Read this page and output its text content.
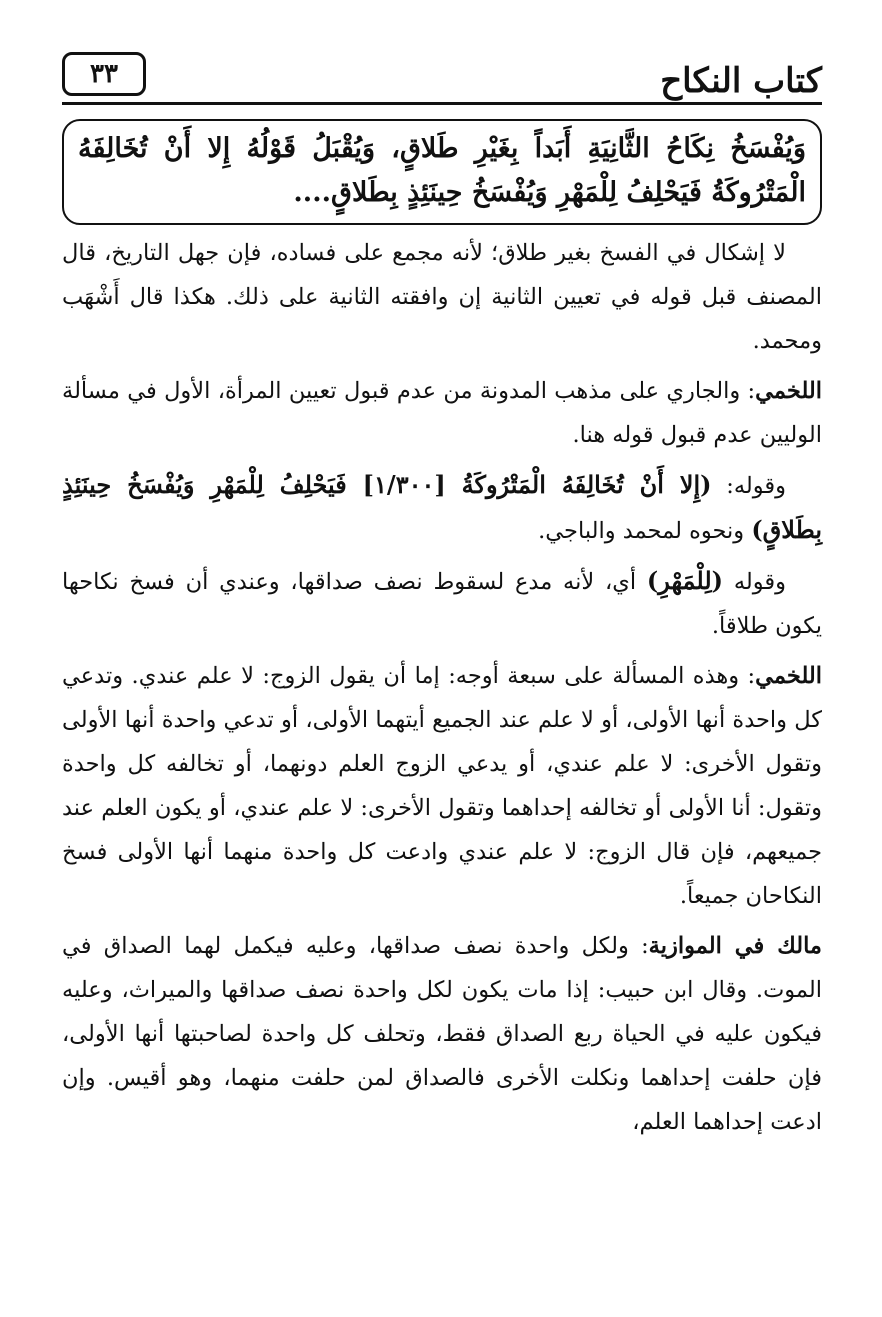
كتاب النكاح
٣٣
وَيُفْسَخُ نِكَاحُ الثَّانِيَةِ أَبَداً بِغَيْرِ طَلاقٍ، وَيُقْبَلُ قَوْلُهُ إِلا أَنْ تُخَالِفَهُ الْمَتْرُوكَةُ فَيَحْلِفُ لِلْمَهْرِ وَيُفْسَخُ حِينَئِذٍ بِطَلاقٍ....

لا إشكال في الفسخ بغير طلاق؛ لأنه مجمع على فساده، فإن جهل التاريخ، قال المصنف قبل قوله في تعيين الثانية إن وافقته الثانية على ذلك. هكذا قال أَشْهَب ومحمد.

اللخمي: والجاري على مذهب المدونة من عدم قبول تعيين المرأة، الأول في مسألة الوليين عدم قبول قوله هنا.

وقوله: (إِلا أَنْ تُخَالِفَهُ الْمَتْرُوكَةُ [١/٣٠٠] فَيَحْلِفُ لِلْمَهْرِ وَيُفْسَخُ حِينَئِذٍ بِطَلاقٍ) ونحوه لمحمد والباجي.

وقوله (لِلْمَهْرِ) أي، لأنه مدع لسقوط نصف صداقها، وعندي أن فسخ نكاحها يكون طلاقاً.

اللخمي: وهذه المسألة على سبعة أوجه: إما أن يقول الزوج: لا علم عندي. وتدعي كل واحدة أنها الأولى، أو لا علم عند الجميع أيتهما الأولى، أو تدعي واحدة أنها الأولى وتقول الأخرى: لا علم عندي، أو يدعي الزوج العلم دونهما، أو تخالفه كل واحدة وتقول: أنا الأولى أو تخالفه إحداهما وتقول الأخرى: لا علم عندي، أو يكون العلم عند جميعهم، فإن قال الزوج: لا علم عندي وادعت كل واحدة منهما أنها الأولى فسخ النكاحان جميعاً.

مالك في الموازية: ولكل واحدة نصف صداقها، وعليه فيكمل لهما الصداق في الموت. وقال ابن حبيب: إذا مات يكون لكل واحدة نصف صداقها والميراث، وعليه فيكون عليه في الحياة ربع الصداق فقط، وتحلف كل واحدة لصاحبتها أنها الأولى، فإن حلفت إحداهما ونكلت الأخرى فالصداق لمن حلفت منهما، وهو أقيس. وإن ادعت إحداهما العلم،
